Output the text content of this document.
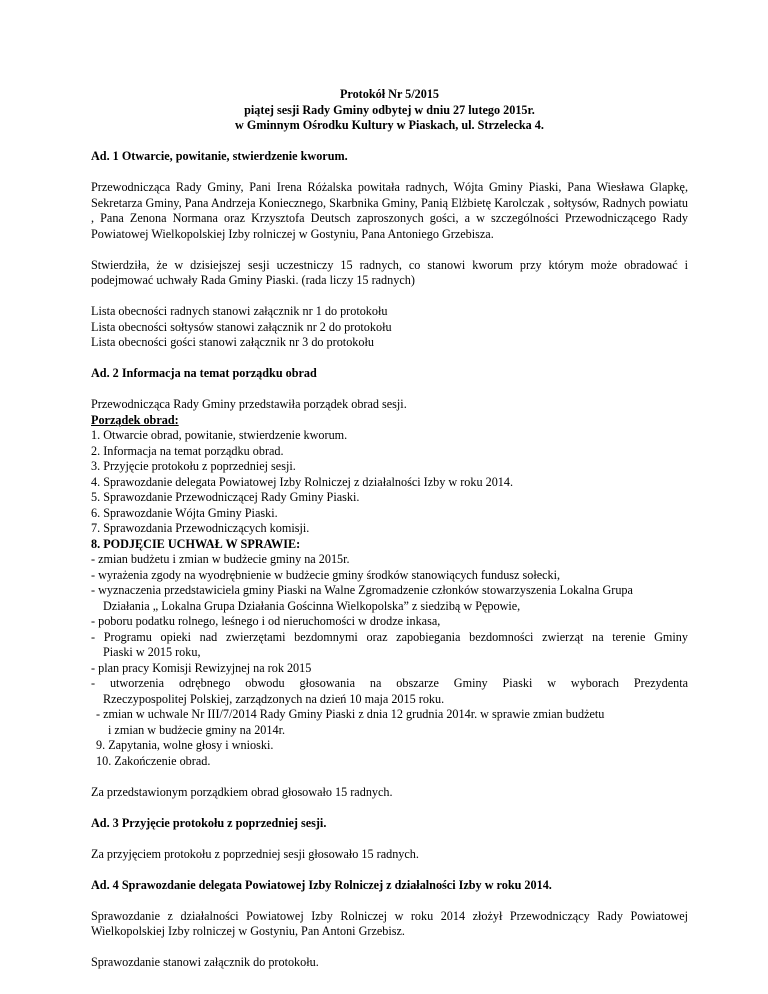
Protokół Nr 5/2015

piątej sesji Rady Gminy odbytej w dniu 27 lutego 2015r.

w Gminnym Ośrodku Kultury w Piaskach, ul. Strzelecka 4.

Ad. 1 Otwarcie, powitanie, stwierdzenie kworum.

Przewodnicząca Rady Gminy, Pani Irena Różalska powitała radnych, Wójta Gminy Piaski, Pana Wiesława Glapkę, Sekretarza Gminy, Pana Andrzeja Koniecznego, Skarbnika Gminy, Panią Elżbietę Karolczak , sołtysów, Radnych powiatu , Pana Zenona Normana oraz Krzysztofa Deutsch zaproszonych gości, a w szczególności Przewodniczącego Rady Powiatowej Wielkopolskiej Izby rolniczej w Gostyniu, Pana Antoniego Grzebisza.

Stwierdziła, że w dzisiejszej sesji uczestniczy 15 radnych, co stanowi kworum przy którym może obradować i podejmować uchwały Rada Gminy Piaski. (rada liczy 15 radnych)

Lista obecności radnych stanowi załącznik nr 1 do protokołu

Lista obecności sołtysów stanowi załącznik nr 2 do protokołu

Lista obecności gości stanowi załącznik nr 3 do protokołu

Ad. 2 Informacja na temat porządku obrad

Przewodnicząca Rady Gminy przedstawiła porządek obrad sesji.

Porządek obrad:

1. Otwarcie obrad, powitanie, stwierdzenie kworum.

2. Informacja na temat porządku obrad.

3. Przyjęcie protokołu z poprzedniej sesji.

4. Sprawozdanie delegata Powiatowej Izby Rolniczej z działalności Izby w roku 2014.

5. Sprawozdanie Przewodniczącej Rady Gminy Piaski.

6. Sprawozdanie Wójta Gminy Piaski.

7. Sprawozdania Przewodniczących komisji.

8. PODJĘCIE UCHWAŁ W SPRAWIE:

- zmian budżetu i zmian w budżecie gminy na 2015r.

- wyrażenia zgody na wyodrębnienie w budżecie gminy środków stanowiących fundusz sołecki,

- wyznaczenia przedstawiciela gminy Piaski na Walne Zgromadzenie członków stowarzyszenia Lokalna Grupa

Działania „ Lokalna Grupa Działania Gościnna Wielkopolska” z siedzibą w Pępowie,

- poboru podatku rolnego, leśnego i od nieruchomości w drodze inkasa,

- Programu opieki nad zwierzętami bezdomnymi oraz zapobiegania bezdomności zwierząt na terenie Gminy

Piaski w 2015 roku,

- plan pracy Komisji Rewizyjnej na rok 2015

- utworzenia odrębnego obwodu głosowania na obszarze Gminy Piaski w wyborach Prezydenta

Rzeczypospolitej Polskiej, zarządzonych na dzień 10 maja 2015 roku.

- zmian w uchwale Nr III/7/2014 Rady Gminy Piaski z dnia 12 grudnia 2014r. w sprawie zmian budżetu

i zmian w budżecie gminy na 2014r.

9. Zapytania, wolne głosy i wnioski.

10. Zakończenie obrad.

Za przedstawionym porządkiem obrad głosowało 15 radnych.

Ad. 3 Przyjęcie protokołu z poprzedniej sesji.

Za przyjęciem protokołu z poprzedniej sesji głosowało 15 radnych.

Ad. 4 Sprawozdanie delegata Powiatowej Izby Rolniczej z działalności Izby w roku 2014.

Sprawozdanie z działalności Powiatowej Izby Rolniczej w roku 2014 złożył Przewodniczący Rady Powiatowej Wielkopolskiej Izby rolniczej w Gostyniu, Pan Antoni Grzebisz.

Sprawozdanie stanowi załącznik do protokołu.
